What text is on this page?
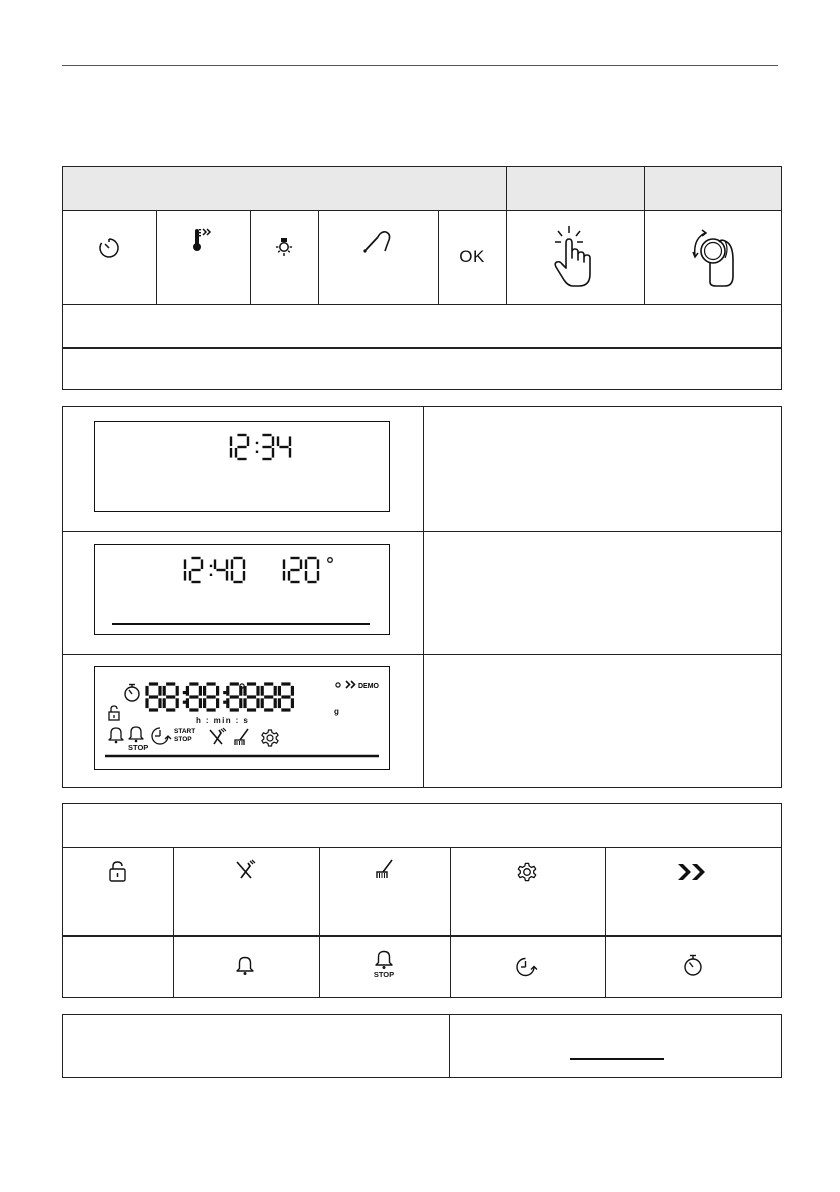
OK
DEMO
g
h : min : s
STOP
START
STOP
STOP
